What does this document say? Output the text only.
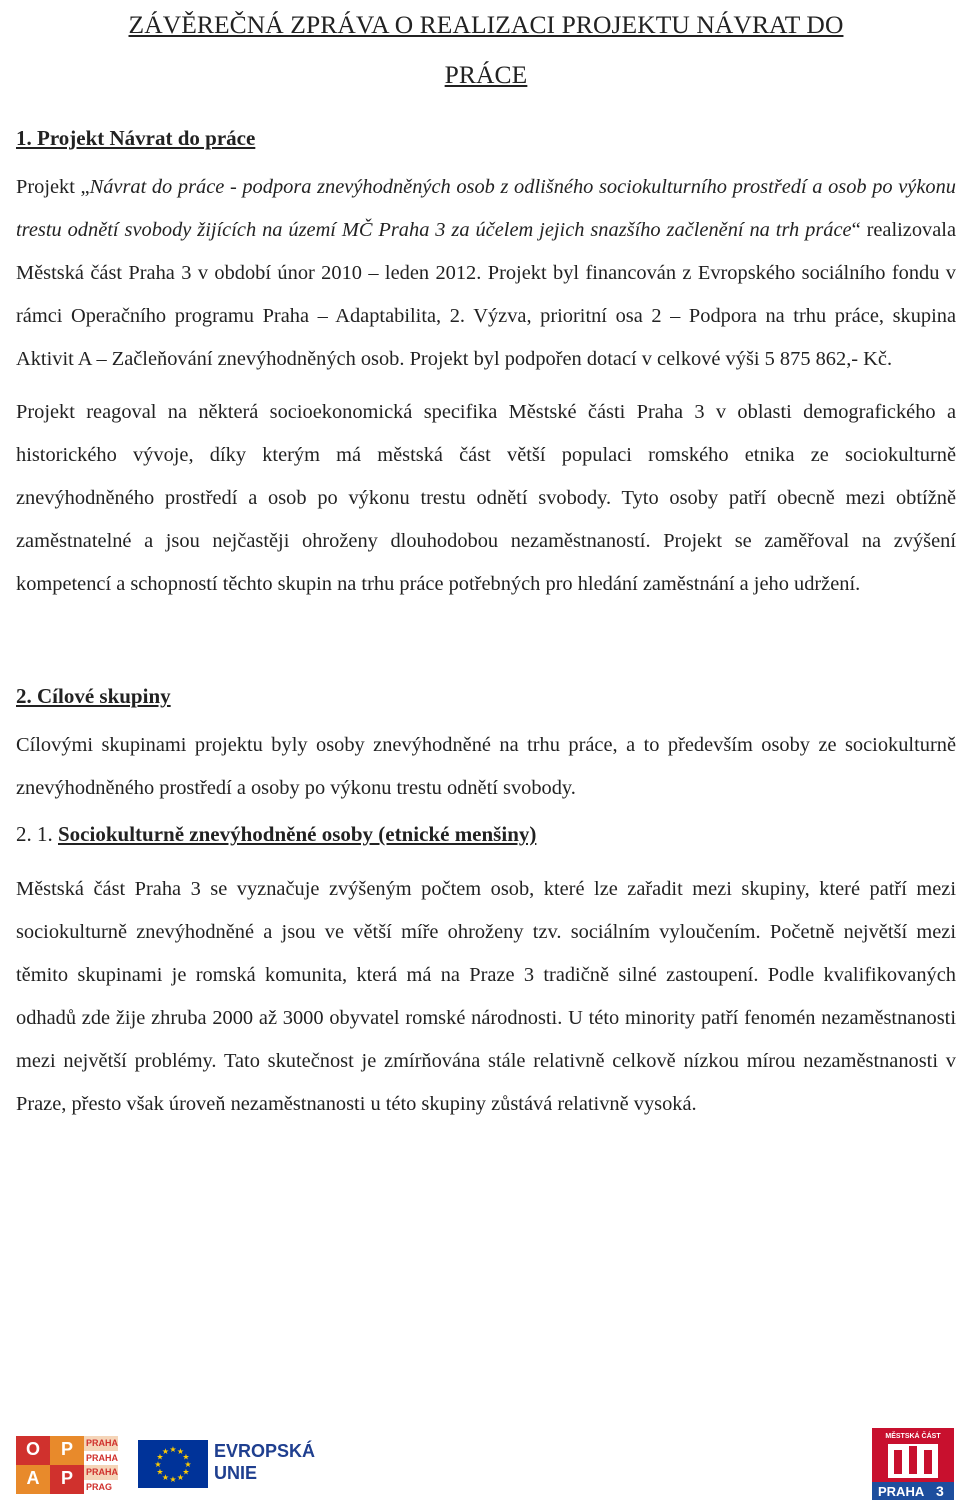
ZÁVĚREČNÁ ZPRÁVA O REALIZACI PROJEKTU NÁVRAT DO
PRÁCE
1. Projekt Návrat do práce

Projekt „Návrat do práce - podpora znevýhodněných osob z odlišného sociokulturního prostředí a osob po výkonu trestu odnětí svobody žijících na území MČ Praha 3 za účelem jejich snazšího začlenění na trh práce“ realizovala Městská část Praha 3 v období únor 2010 – leden 2012. Projekt byl financován z Evropského sociálního fondu v rámci Operačního programu Praha – Adaptabilita, 2. Výzva, prioritní osa 2 – Podpora na trhu práce, skupina Aktivit A – Začleňování znevýhodněných osob. Projekt byl podpořen dotací v celkové výši 5 875 862,- Kč.

Projekt reagoval na některá socioekonomická specifika Městské části Praha 3 v oblasti demografického a historického vývoje, díky kterým má městská část větší populaci romského etnika ze sociokulturně znevýhodněného prostředí a osob po výkonu trestu odnětí svobody. Tyto osoby patří obecně mezi obtížně zaměstnatelné a jsou nejčastěji ohroženy dlouhodobou nezaměstnaností. Projekt se zaměřoval na zvýšení kompetencí a schopností těchto skupin na trhu práce potřebných pro hledání zaměstnání a jeho udržení.

2. Cílové skupiny

Cílovými skupinami projektu byly osoby znevýhodněné na trhu práce, a to především osoby ze sociokulturně znevýhodněného prostředí a osoby po výkonu trestu odnětí svobody.

2. 1. Sociokulturně znevýhodněné osoby (etnické menšiny)

Městská část Praha 3 se vyznačuje zvýšeným počtem osob, které lze zařadit mezi skupiny, které patří mezi sociokulturně znevýhodněné a jsou ve větší míře ohroženy tzv. sociálním vyloučením. Početně největší mezi těmito skupinami je romská komunita, která má na Praze 3 tradičně silné zastoupení. Podle kvalifikovaných odhadů zde žije zhruba 2000 až 3000 obyvatel romské národnosti. U této minority patří fenomén nezaměstnanosti mezi největší problémy. Tato skutečnost je zmírňována stále relativně celkově nízkou mírou nezaměstnanosti v Praze, přesto však úroveň nezaměstnanosti u této skupiny zůstává relativně vysoká.

O	P
P
A
PRAHA
PRAHA
PRAHA
PRAG
★ ★
★
★
★
★
★
★
★
★
★
★ EVROPSKÁ
UNIE
MĚSTSKÁ ČÁST
PRAHA 3
